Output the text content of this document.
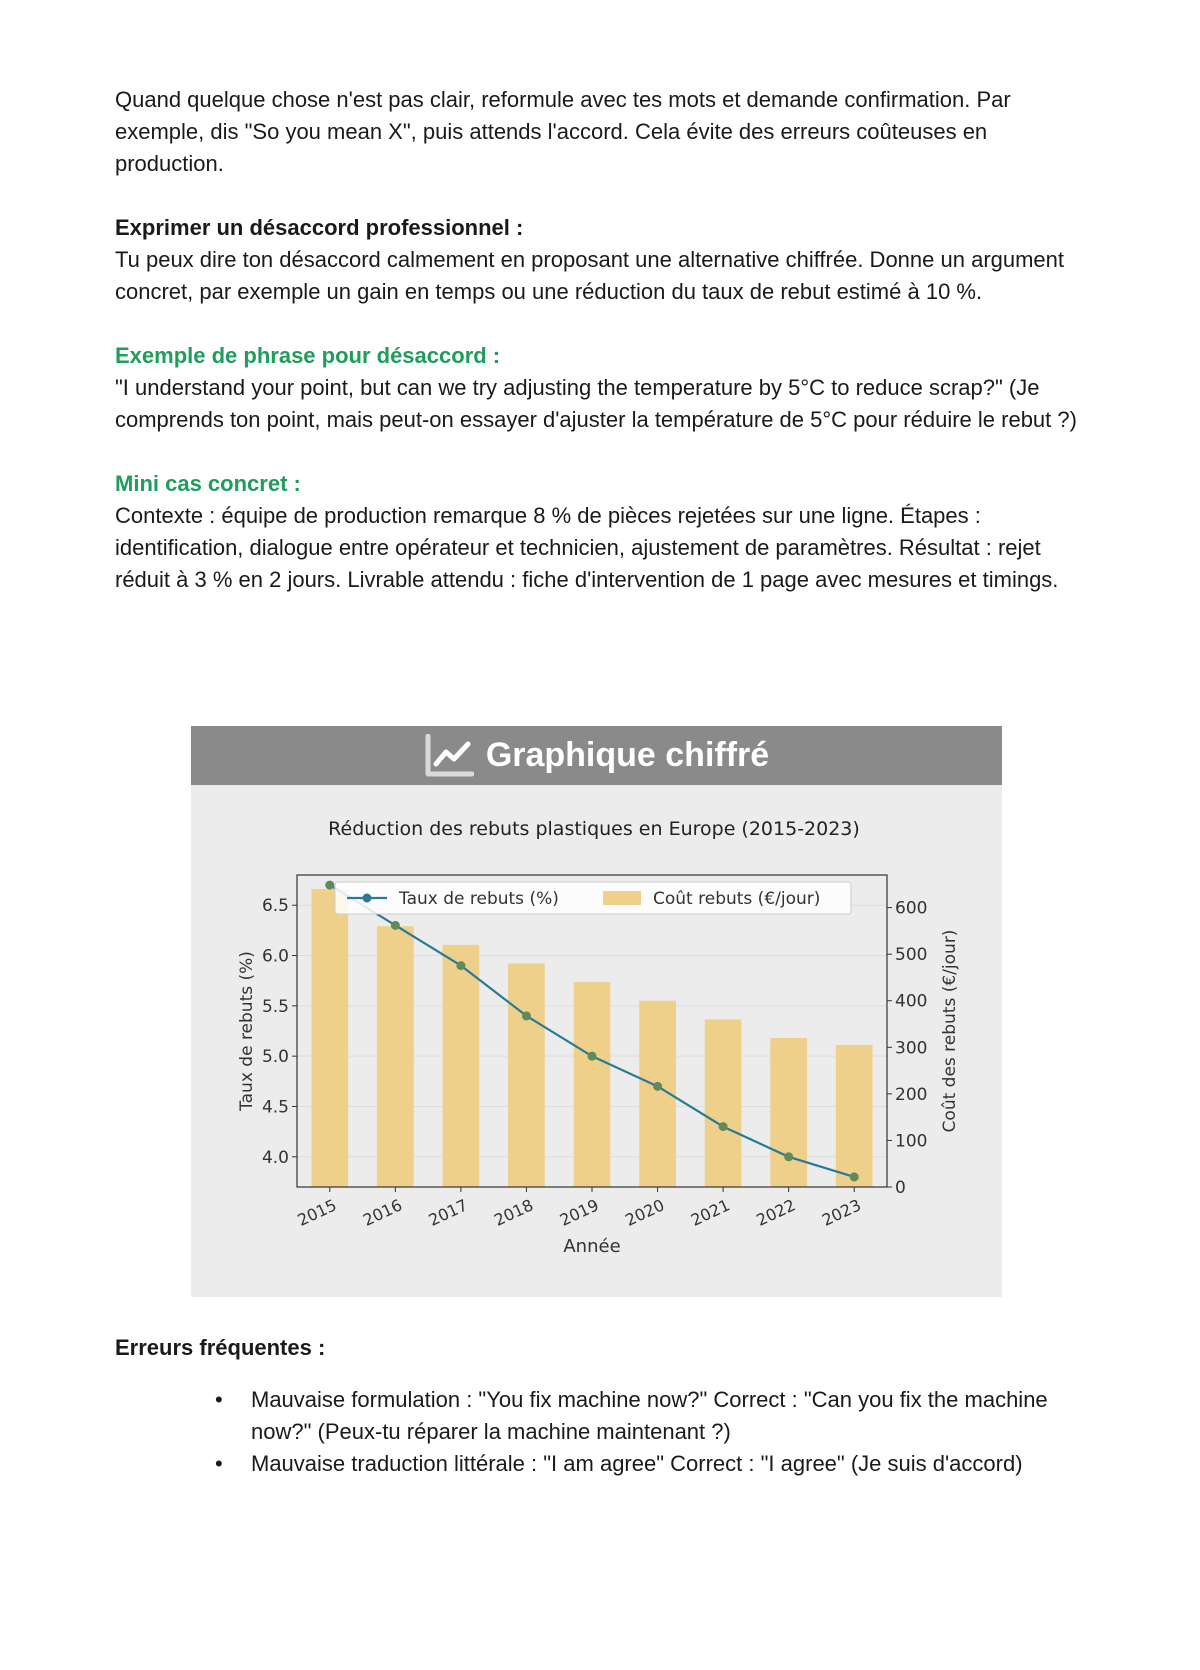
Quand quelque chose n'est pas clair, reformule avec tes mots et demande confirmation. Par exemple, dis "So you mean X", puis attends l'accord. Cela évite des erreurs coûteuses en production.

Exprimer un désaccord professionnel :

Tu peux dire ton désaccord calmement en proposant une alternative chiffrée. Donne un argument concret, par exemple un gain en temps ou une réduction du taux de rebut estimé à 10 %.

Exemple de phrase pour désaccord :

"I understand your point, but can we try adjusting the temperature by 5°C to reduce scrap?" (Je comprends ton point, mais peut-on essayer d'ajuster la température de 5°C pour réduire le rebut ?)

Mini cas concret :

Contexte : équipe de production remarque 8 % de pièces rejetées sur une ligne. Étapes : identification, dialogue entre opérateur et technicien, ajustement de paramètres. Résultat : rejet réduit à 3 % en 2 jours. Livrable attendu : fiche d'intervention de 1 page avec mesures et timings.

Graphique chiffré
Réduction des rebuts plastiques en Europe (2015-2023)
6.5
6.0
5.5
5.0
4.5
4.0
600
500
400
300
200
100
0
2015 2016 2017 2018 2019 2020 2021 2022 2023
Année
Taux de rebuts (%)	Coût des rebuts (€/jour)
Taux de rebuts (%)	Coût rebuts (€/jour)

Erreurs fréquentes :

• Mauvaise formulation : "You fix machine now?" Correct : "Can you fix the machine now?" (Peux-tu réparer la machine maintenant ?)
• Mauvaise traduction littérale : "I am agree" Correct : "I agree" (Je suis d'accord)
